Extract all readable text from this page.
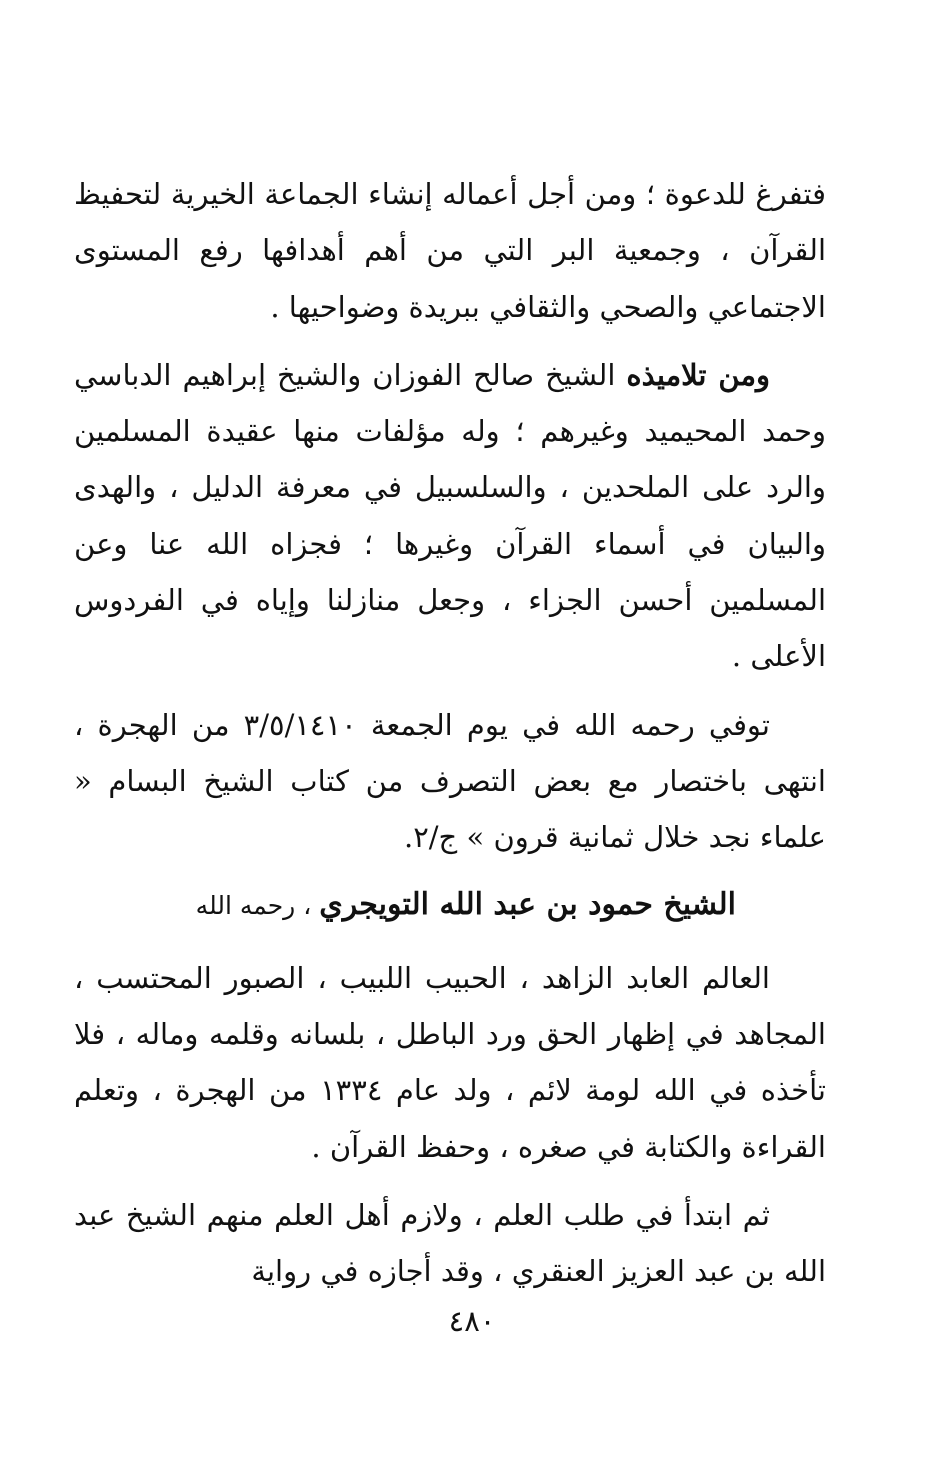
فتفرغ للدعوة ؛ ومن أجل أعماله إنشاء الجماعة الخيرية لتحفيظ القرآن ، وجمعية البر التي من أهم أهدافها رفع المستوى الاجتماعي والصحي والثقافي ببريدة وضواحيها .

ومن تلاميذه الشيخ صالح الفوزان والشيخ إبراهيم الدباسي وحمد المحيميد وغيرهم ؛ وله مؤلفات منها عقيدة المسلمين والرد على الملحدين ، والسلسبيل في معرفة الدليل ، والهدى والبيان في أسماء القرآن وغيرها ؛ فجزاه الله عنا وعن المسلمين أحسن الجزاء ، وجعل منازلنا وإياه في الفردوس الأعلى .

توفي رحمه الله في يوم الجمعة ٣/٥/١٤١٠ من الهجرة ، انتهى باختصار مع بعض التصرف من كتاب الشيخ البسام « علماء نجد خلال ثمانية قرون » ج/٢.

الشيخ حمود بن عبد الله التويجري ، رحمه الله

العالم العابد الزاهد ، الحبيب اللبيب ، الصبور المحتسب ، المجاهد في إظهار الحق ورد الباطل ، بلسانه وقلمه وماله ، فلا تأخذه في الله لومة لائم ، ولد عام ١٣٣٤ من الهجرة ، وتعلم القراءة والكتابة في صغره ، وحفظ القرآن .

ثم ابتدأ في طلب العلم ، ولازم أهل العلم منهم الشيخ عبد الله بن عبد العزيز العنقري ، وقد أجازه في رواية

٤٨٠
